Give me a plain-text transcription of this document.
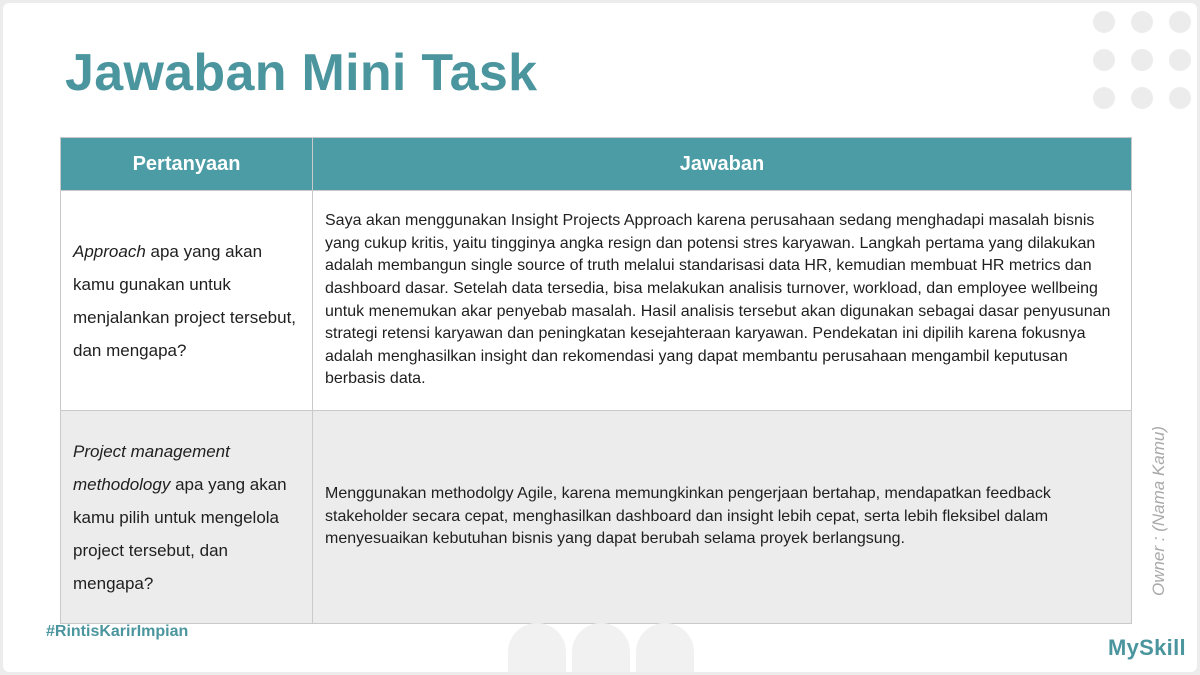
Jawaban Mini Task
Pertanyaan	Jawaban
Approach apa yang akan kamu gunakan untuk menjalankan project tersebut, dan mengapa?	Saya akan menggunakan Insight Projects Approach karena perusahaan sedang menghadapi masalah bisnis yang cukup kritis, yaitu tingginya angka resign dan potensi stres karyawan. Langkah pertama yang dilakukan adalah membangun single source of truth melalui standarisasi data HR, kemudian membuat HR metrics dan dashboard dasar. Setelah data tersedia, bisa melakukan analisis turnover, workload, dan employee wellbeing untuk menemukan akar penyebab masalah. Hasil analisis tersebut akan digunakan sebagai dasar penyusunan strategi retensi karyawan dan peningkatan kesejahteraan karyawan. Pendekatan ini dipilih karena fokusnya adalah menghasilkan insight dan rekomendasi yang dapat membantu perusahaan mengambil keputusan berbasis data.
Project management methodology apa yang akan kamu pilih untuk mengelola project tersebut, dan mengapa?	Menggunakan methodolgy Agile, karena memungkinkan pengerjaan bertahap, mendapatkan feedback stakeholder secara cepat, menghasilkan dashboard dan insight lebih cepat, serta lebih fleksibel dalam menyesuaikan kebutuhan bisnis yang dapat berubah selama proyek berlangsung.
#RintisKarirImpian
Owner : (Nama Kamu)
MySkill
